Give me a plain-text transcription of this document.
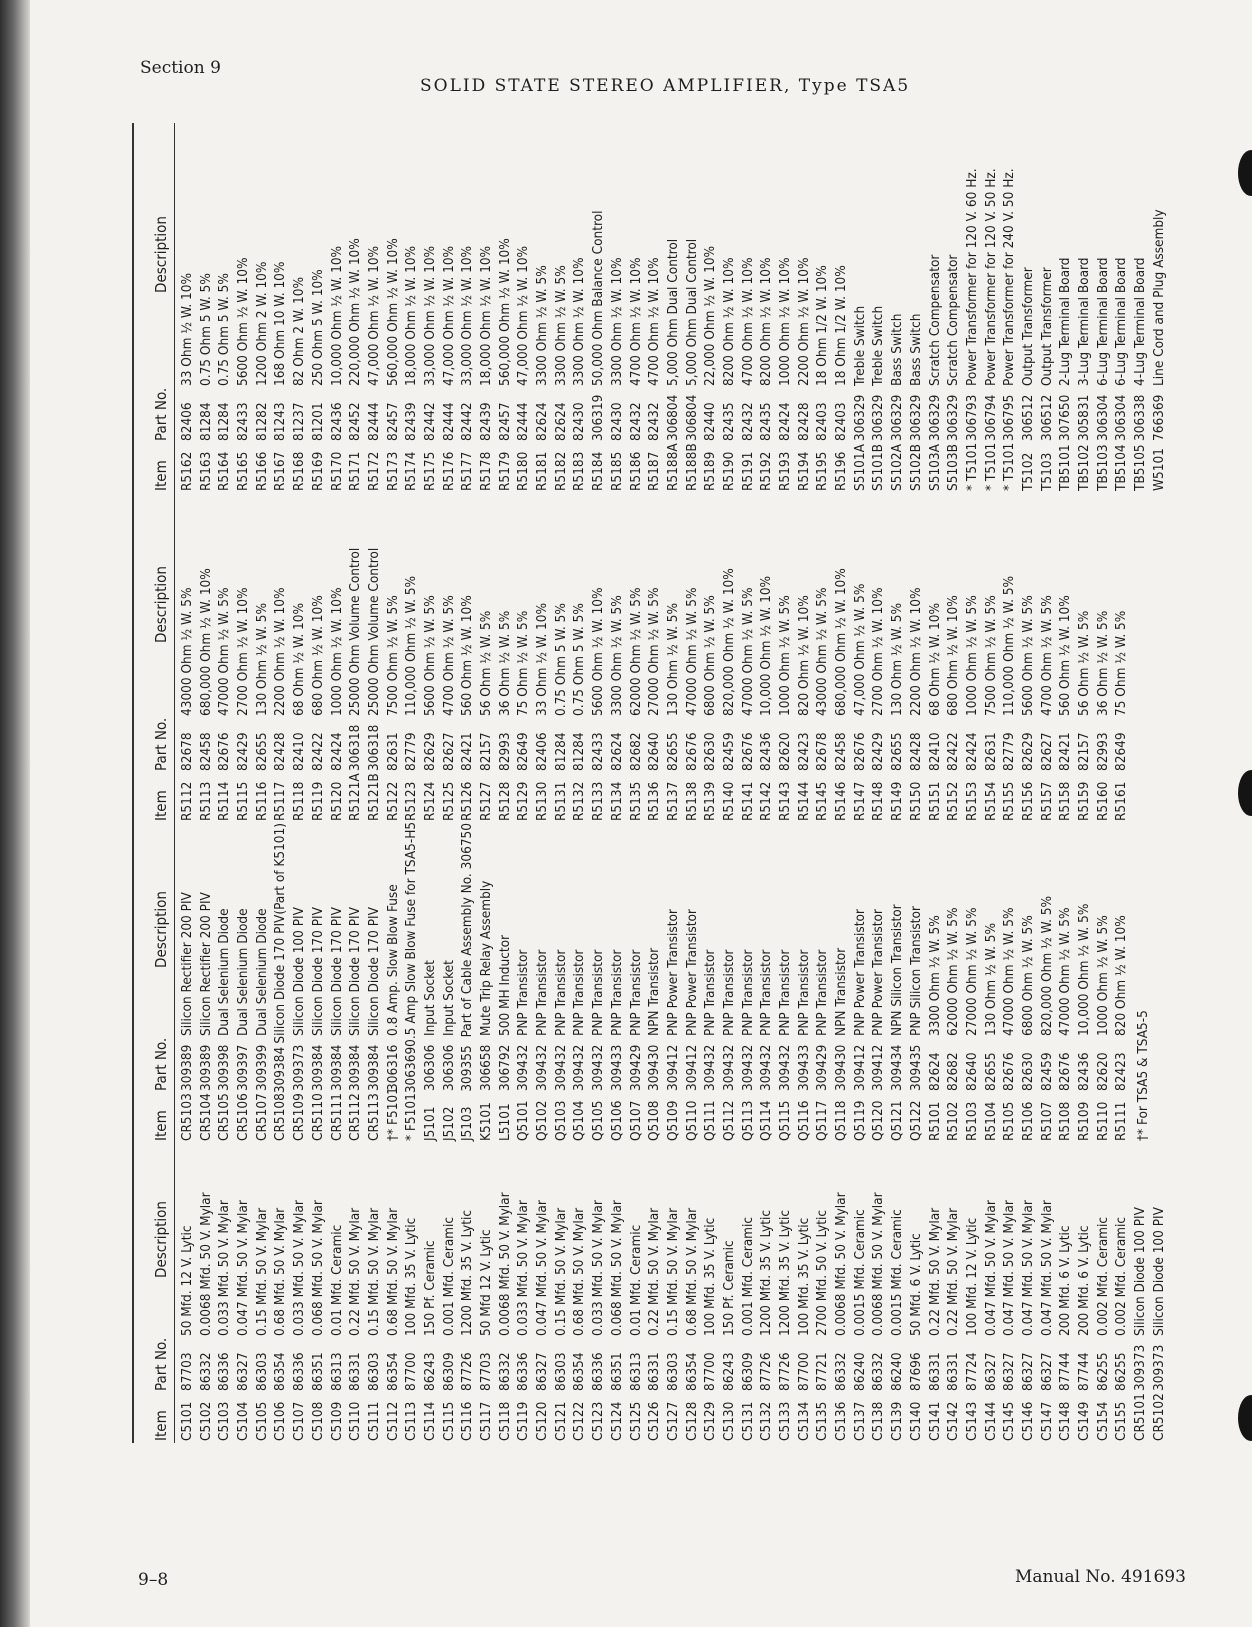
Section 9
SOLID STATE STEREO AMPLIFIER, Type TSA5
Item
Part No.
Description
C5101
87703
50 Mfd. 12 V. Lytic
C5102
86332
0.0068 Mfd. 50 V. Mylar
C5103
86336
0.033 Mfd. 50 V. Mylar
C5104
86327
0.047 Mfd. 50 V. Mylar
C5105
86303
0.15 Mfd. 50 V. Mylar
C5106
86354
0.68 Mfd. 50 V. Mylar
C5107
86336
0.033 Mfd. 50 V. Mylar
C5108
86351
0.068 Mfd. 50 V. Mylar
C5109
86313
0.01 Mfd. Ceramic
C5110
86331
0.22 Mfd. 50 V. Mylar
C5111
86303
0.15 Mfd. 50 V. Mylar
C5112
86354
0.68 Mfd. 50 V. Mylar
C5113
87700
100 Mfd. 35 V. Lytic
C5114
86243
150 Pf. Ceramic
C5115
86309
0.001 Mfd. Ceramic
C5116
87726
1200 Mfd. 35 V. Lytic
C5117
87703
50 Mfd 12 V. Lytic
C5118
86332
0.0068 Mfd. 50 V. Mylar
C5119
86336
0.033 Mfd. 50 V. Mylar
C5120
86327
0.047 Mfd. 50 V. Mylar
C5121
86303
0.15 Mfd. 50 V. Mylar
C5122
86354
0.68 Mfd. 50 V. Mylar
C5123
86336
0.033 Mfd. 50 V. Mylar
C5124
86351
0.068 Mfd. 50 V. Mylar
C5125
86313
0.01 Mfd. Ceramic
C5126
86331
0.22 Mfd. 50 V. Mylar
C5127
86303
0.15 Mfd. 50 V. Mylar
C5128
86354
0.68 Mfd. 50 V. Mylar
C5129
87700
100 Mfd. 35 V. Lytic
C5130
86243
150 Pf. Ceramic
C5131
86309
0.001 Mfd. Ceramic
C5132
87726
1200 Mfd. 35 V. Lytic
C5133
87726
1200 Mfd. 35 V. Lytic
C5134
87700
100 Mfd. 35 V. Lytic
C5135
87721
2700 Mfd. 50 V. Lytic
C5136
86332
0.0068 Mfd. 50 V. Mylar
C5137
86240
0.0015 Mfd. Ceramic
C5138
86332
0.0068 Mfd. 50 V. Mylar
C5139
86240
0.0015 Mfd. Ceramic
C5140
87696
50 Mfd. 6 V. Lytic
C5141
86331
0.22 Mfd. 50 V. Mylar
C5142
86331
0.22 Mfd. 50 V. Mylar
C5143
87724
100 Mfd. 12 V. Lytic
C5144
86327
0.047 Mfd. 50 V. Mylar
C5145
86327
0.047 Mfd. 50 V. Mylar
C5146
86327
0.047 Mfd. 50 V. Mylar
C5147
86327
0.047 Mfd. 50 V. Mylar
C5148
87744
200 Mfd. 6 V. Lytic
C5149
87744
200 Mfd. 6 V. Lytic
C5154
86255
0.002 Mfd. Ceramic
C5155
86255
0.002 Mfd. Ceramic
CR5101
309373
Silicon Diode 100 PIV
CR5102
309373
Silicon Diode 100 PIV
Item
Part No.
Description
CR5103
309389
Silicon Rectifier 200 PIV
CR5104
309389
Silicon Rectifier 200 PIV
CR5105
309398
Dual Selenium Diode
CR5106
309397
Dual Selenium Diode
CR5107
309399
Dual Selenium Diode
CR5108
309384
Silicon Diode 170 PIV(Part of K5101)
CR5109
309373
Silicon Diode 100 PIV
CR5110
309384
Silicon Diode 170 PIV
CR5111
309384
Silicon Diode 170 PIV
CR5112
309384
Silicon Diode 170 PIV
CR5113
309384
Silicon Diode 170 PIV
†* F5101
306316
0.8 Amp. Slow Blow Fuse
* F5101
306369
0.5 Amp Slow Blow Fuse for TSA5-H5
J5101
306306
Input Socket
J5102
306306
Input Socket
J5103
309355
Part of Cable Assembly No. 306750
K5101
306658
Mute Trip Relay Assembly
L5101
306792
500 MH Inductor
Q5101
309432
PNP Transistor
Q5102
309432
PNP Transistor
Q5103
309432
PNP Transistor
Q5104
309432
PNP Transistor
Q5105
309432
PNP Transistor
Q5106
309433
PNP Transistor
Q5107
309429
PNP Transistor
Q5108
309430
NPN Transistor
Q5109
309412
PNP Power Transistor
Q5110
309412
PNP Power Transistor
Q5111
309432
PNP Transistor
Q5112
309432
PNP Transistor
Q5113
309432
PNP Transistor
Q5114
309432
PNP Transistor
Q5115
309432
PNP Transistor
Q5116
309433
PNP Transistor
Q5117
309429
PNP Transistor
Q5118
309430
NPN Transistor
Q5119
309412
PNP Power Transistor
Q5120
309412
PNP Power Transistor
Q5121
309434
NPN Silicon Transistor
Q5122
309435
PNP Silicon Transistor
R5101
82624
3300 Ohm ½ W. 5%
R5102
82682
62000 Ohm ½ W. 5%
R5103
82640
27000 Ohm ½ W. 5%
R5104
82655
130 Ohm ½ W. 5%
R5105
82676
47000 Ohm ½ W. 5%
R5106
82630
6800 Ohm ½ W. 5%
R5107
82459
820,000 Ohm ½ W. 5%
R5108
82676
47000 Ohm ½ W. 5%
R5109
82436
10,000 Ohm ½ W. 5%
R5110
82620
1000 Ohm ½ W. 5%
R5111
82423
820 Ohm ½ W. 10%
†* For TSA5 & TSA5-5
Item
Part No.
Description
R5112
82678
43000 Ohm ½ W. 5%
R5113
82458
680,000 Ohm ½ W. 10%
R5114
82676
47000 Ohm ½ W. 5%
R5115
82429
2700 Ohm ½ W. 10%
R5116
82655
130 Ohm ½ W. 5%
R5117
82428
2200 Ohm ½ W. 10%
R5118
82410
68 Ohm ½ W. 10%
R5119
82422
680 Ohm ½ W. 10%
R5120
82424
1000 Ohm ½ W. 10%
R5121A
306318
25000 Ohm Volume Control
R5121B
306318
25000 Ohm Volume Control
R5122
82631
7500 Ohm ½ W. 5%
R5123
82779
110,000 Ohm ½ W. 5%
R5124
82629
5600 Ohm ½ W. 5%
R5125
82627
4700 Ohm ½ W. 5%
R5126
82421
560 Ohm ½ W. 10%
R5127
82157
56 Ohm ½ W. 5%
R5128
82993
36 Ohm ½ W. 5%
R5129
82649
75 Ohm ½ W. 5%
R5130
82406
33 Ohm ½ W. 10%
R5131
81284
0.75 Ohm 5 W. 5%
R5132
81284
0.75 Ohm 5 W. 5%
R5133
82433
5600 Ohm ½ W. 10%
R5134
82624
3300 Ohm ½ W. 5%
R5135
82682
62000 Ohm ½ W. 5%
R5136
82640
27000 Ohm ½ W. 5%
R5137
82655
130 Ohm ½ W. 5%
R5138
82676
47000 Ohm ½ W. 5%
R5139
82630
6800 Ohm ½ W. 5%
R5140
82459
820,000 Ohm ½ W. 10%
R5141
82676
47000 Ohm ½ W. 5%
R5142
82436
10,000 Ohm ½ W. 10%
R5143
82620
1000 Ohm ½ W. 5%
R5144
82423
820 Ohm ½ W. 10%
R5145
82678
43000 Ohm ½ W. 5%
R5146
82458
680,000 Ohm ½ W. 10%
R5147
82676
47,000 Ohm ½ W. 5%
R5148
82429
2700 Ohm ½ W. 10%
R5149
82655
130 Ohm ½ W. 5%
R5150
82428
2200 Ohm ½ W. 10%
R5151
82410
68 Ohm ½ W. 10%
R5152
82422
680 Ohm ½ W. 10%
R5153
82424
1000 Ohm ½ W. 5%
R5154
82631
7500 Ohm ½ W. 5%
R5155
82779
110,000 Ohm ½ W. 5%
R5156
82629
5600 Ohm ½ W. 5%
R5157
82627
4700 Ohm ½ W. 5%
R5158
82421
560 Ohm ½ W. 10%
R5159
82157
56 Ohm ½ W. 5%
R5160
82993
36 Ohm ½ W. 5%
R5161
82649
75 Ohm ½ W. 5%
Item
Part No.
Description
R5162
82406
33 Ohm ½ W. 10%
R5163
81284
0.75 Ohm 5 W. 5%
R5164
81284
0.75 Ohm 5 W. 5%
R5165
82433
5600 Ohm ½ W. 10%
R5166
81282
1200 Ohm 2 W. 10%
R5167
81243
168 Ohm 10 W. 10%
R5168
81237
82 Ohm 2 W. 10%
R5169
81201
250 Ohm 5 W. 10%
R5170
82436
10,000 Ohm ½ W. 10%
R5171
82452
220,000 Ohm ½ W. 10%
R5172
82444
47,000 Ohm ½ W. 10%
R5173
82457
560,000 Ohm ½ W. 10%
R5174
82439
18,000 Ohm ½ W. 10%
R5175
82442
33,000 Ohm ½ W. 10%
R5176
82444
47,000 Ohm ½ W. 10%
R5177
82442
33,000 Ohm ½ W. 10%
R5178
82439
18,000 Ohm ½ W. 10%
R5179
82457
560,000 Ohm ½ W. 10%
R5180
82444
47,000 Ohm ½ W. 10%
R5181
82624
3300 Ohm ½ W. 5%
R5182
82624
3300 Ohm ½ W. 5%
R5183
82430
3300 Ohm ½ W. 10%
R5184
306319
50,000 Ohm Balance Control
R5185
82430
3300 Ohm ½ W. 10%
R5186
82432
4700 Ohm ½ W. 10%
R5187
82432
4700 Ohm ½ W. 10%
R5188A
306804
5,000 Ohm Dual Control
R5188B
306804
5,000 Ohm Dual Control
R5189
82440
22,000 Ohm ½ W. 10%
R5190
82435
8200 Ohm ½ W. 10%
R5191
82432
4700 Ohm ½ W. 10%
R5192
82435
8200 Ohm ½ W. 10%
R5193
82424
1000 Ohm ½ W. 10%
R5194
82428
2200 Ohm ½ W. 10%
R5195
82403
18 Ohm 1/2 W. 10%
R5196
82403
18 Ohm 1/2 W. 10%
S5101A
306329
Treble Switch
S5101B
306329
Treble Switch
S5102A
306329
Bass Switch
S5102B
306329
Bass Switch
S5103A
306329
Scratch Compensator
S5103B
306329
Scratch Compensator
* T5101
306793
Power Transformer for 120 V. 60 Hz.
* T5101
306794
Power Transformer for 120 V. 50 Hz.
* T5101
306795
Power Transformer for 240 V. 50 Hz.
T5102
306512
Output Transformer
T5103
306512
Output Transformer
TB5101
307650
2-Lug Terminal Board
TB5102
305831
3-Lug Terminal Board
TB5103
306304
6-Lug Terminal Board
TB5104
306304
6-Lug Terminal Board
TB5105
306338
4-Lug Terminal Board
W5101
766369
Line Cord and Plug Assembly
9–8	Manual No. 491693
